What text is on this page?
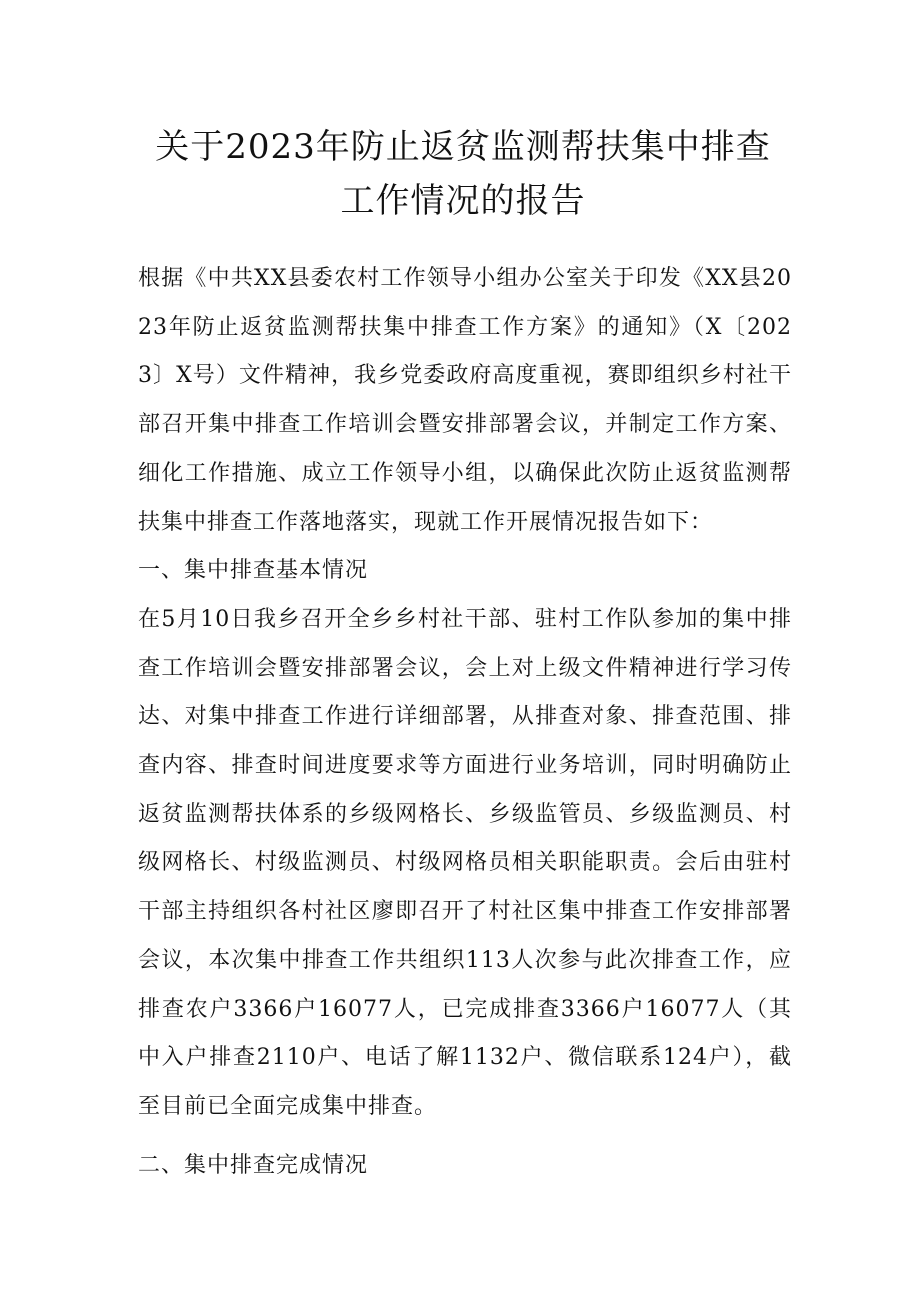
关于2023年防止返贫监测帮扶集中排查工作情况的报告

根据《中共XX县委农村工作领导小组办公室关于印发《XX县2023年防止返贫监测帮扶集中排查工作方案》的通知》（X〔2023〕X号）文件精神，我乡党委政府高度重视，赛即组织乡村社干部召开集中排查工作培训会暨安排部署会议，并制定工作方案、细化工作措施、成立工作领导小组，以确保此次防止返贫监测帮扶集中排查工作落地落实，现就工作开展情况报告如下：

一、集中排查基本情况

在5月10日我乡召开全乡乡村社干部、驻村工作队参加的集中排查工作培训会暨安排部署会议，会上对上级文件精神进行学习传达、对集中排查工作进行详细部署，从排查对象、排查范围、排查内容、排查时间进度要求等方面进行业务培训，同时明确防止返贫监测帮扶体系的乡级网格长、乡级监管员、乡级监测员、村级网格长、村级监测员、村级网格员相关职能职责。会后由驻村干部主持组织各村社区廖即召开了村社区集中排查工作安排部署会议，本次集中排查工作共组织113人次参与此次排查工作，应排查农户3366户16077人，已完成排查3366户16077人（其中入户排查2110户、电话了解1132户、微信联系124户），截至目前已全面完成集中排查。

二、集中排查完成情况
